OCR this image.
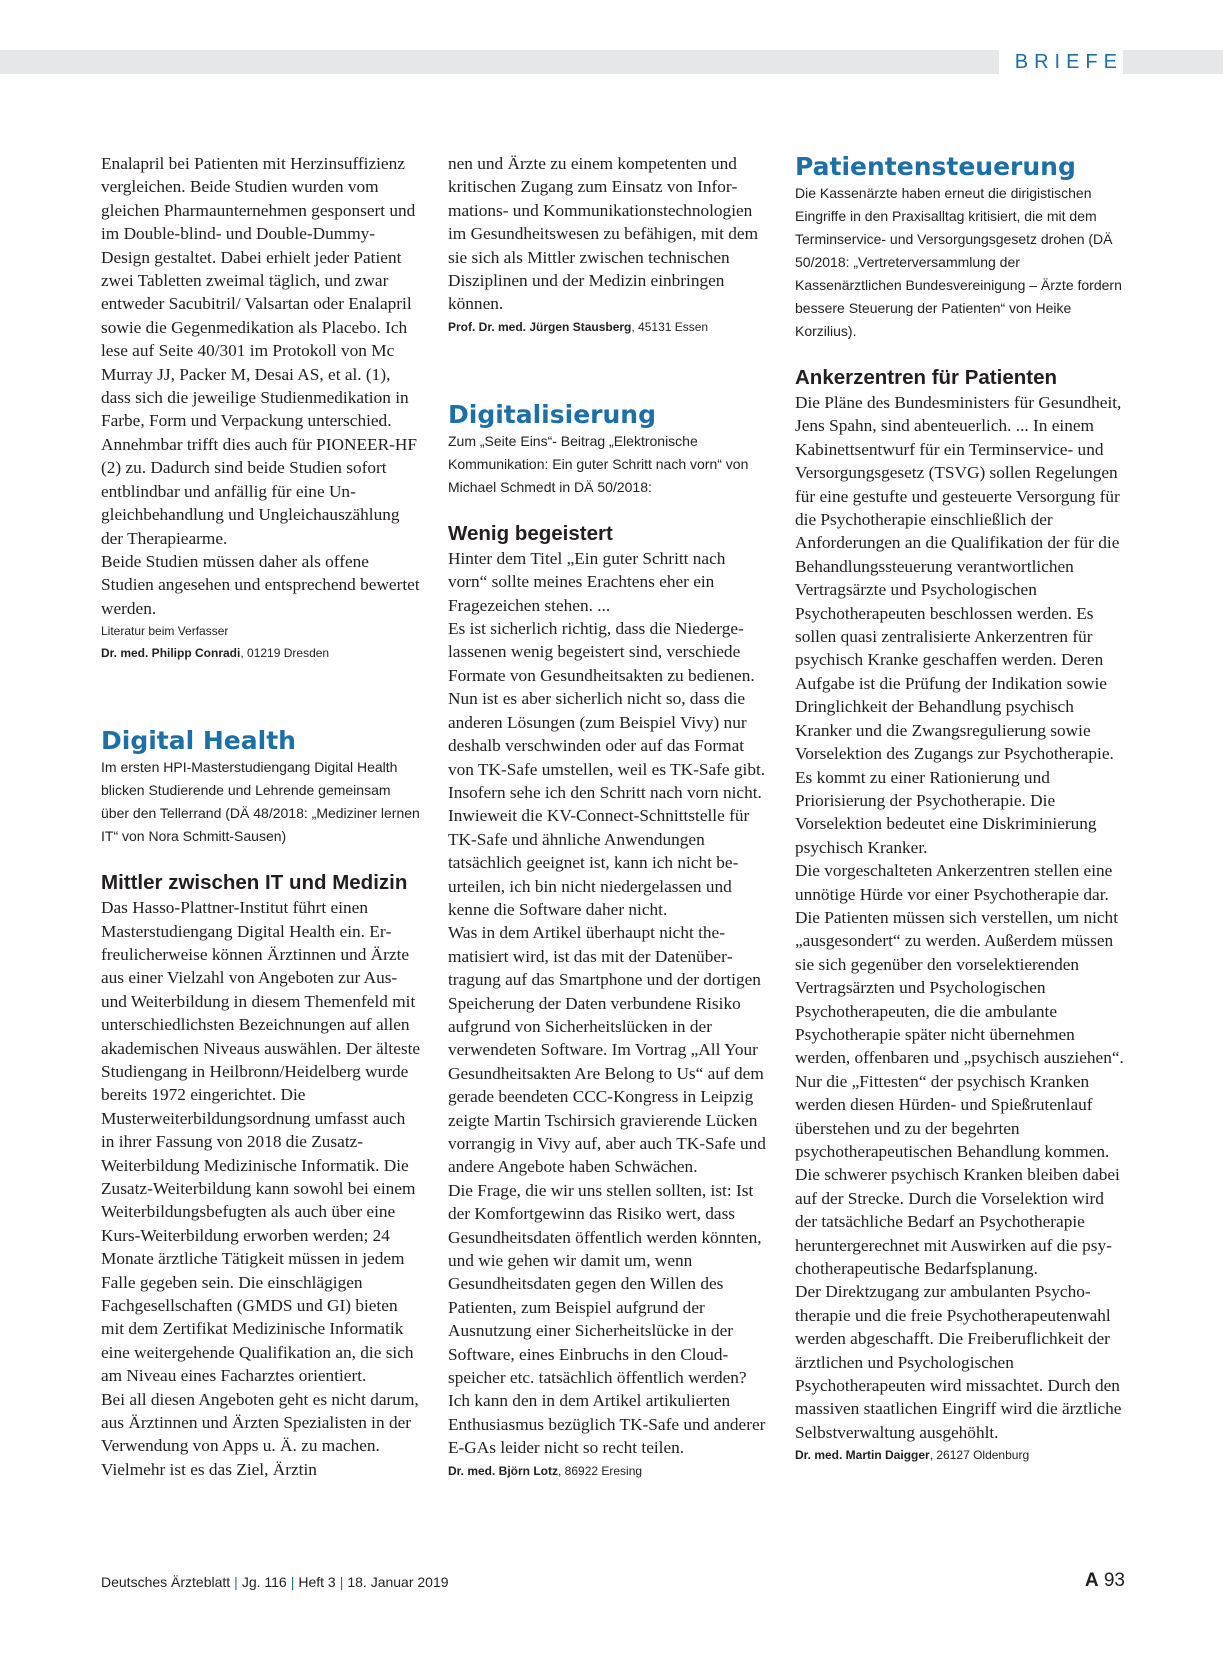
BRIEFE

Enalapril bei Patienten mit Herzinsuffizienz vergleichen. Beide Studien wurden vom gleichen Pharmaunternehmen gesponsert und im Double-blind- und Double-Dummy-Design gestaltet. Dabei erhielt jeder Patient zwei Tabletten zweimal täglich, und zwar entweder Sacubitril/ Valsartan oder Enalapril sowie die Gegenmedikation als Placebo. Ich lese auf Seite 40/301 im Protokoll von Mc Murray JJ, Packer M, Desai AS, et al. (1), dass sich die jeweilige Studienmedikation in Farbe, Form und Verpackung unterschied. Annehmbar trifft dies auch für PIONEER-HF (2) zu. Dadurch sind beide Studien sofort entblindbar und anfällig für eine Ungleichbehandlung und Ungleichauszählung der Therapiearme.

Beide Studien müssen daher als offene Studien angesehen und entsprechend bewertet werden.

Literatur beim Verfasser

Dr. med. Philipp Conradi, 01219 Dresden

Digital Health

Im ersten HPI-Masterstudiengang Digital Health blicken Studierende und Lehrende gemeinsam über den Tellerrand (DÄ 48/2018: „Mediziner lernen IT“ von Nora Schmitt-Sausen)

Mittler zwischen IT und Medizin

Das Hasso-Plattner-Institut führt einen Masterstudiengang Digital Health ein. Erfreulicherweise können Ärztinnen und Ärzte aus einer Vielzahl von Angeboten zur Aus- und Weiterbildung in diesem Themenfeld mit unterschiedlichsten Bezeichnungen auf allen akademischen Niveaus auswählen. Der älteste Studiengang in Heilbronn/Heidelberg wurde bereits 1972 eingerichtet. Die Musterweiterbildungsordnung umfasst auch in ihrer Fassung von 2018 die Zusatz-Weiterbildung Medizinische Informatik. Die Zusatz-Weiterbildung kann sowohl bei einem Weiterbildungsbefugten als auch über eine Kurs-Weiterbildung erworben werden; 24 Monate ärztliche Tätigkeit müssen in jedem Falle gegeben sein. Die einschlägigen Fachgesellschaften (GMDS und GI) bieten mit dem Zertifikat Medizinische Informatik eine weitergehende Qualifikation an, die sich am Niveau eines Facharztes orientiert.

Bei all diesen Angeboten geht es nicht darum, aus Ärztinnen und Ärzten Spezialisten in der Verwendung von Apps u. Ä. zu machen. Vielmehr ist es das Ziel, Ärztin

nen und Ärzte zu einem kompetenten und kritischen Zugang zum Einsatz von Informations- und Kommunikationstechnologien im Gesundheitswesen zu befähigen, mit dem sie sich als Mittler zwischen technischen Disziplinen und der Medizin einbringen können.

Prof. Dr. med. Jürgen Stausberg, 45131 Essen

Digitalisierung

Zum „Seite Eins“- Beitrag „Elektronische Kommunikation: Ein guter Schritt nach vorn“ von Michael Schmedt in DÄ 50/2018:

Wenig begeistert

Hinter dem Titel „Ein guter Schritt nach vorn“ sollte meines Erachtens eher ein Fragezeichen stehen. ...

Es ist sicherlich richtig, dass die Niedergelassenen wenig begeistert sind, verschiede Formate von Gesundheitsakten zu bedienen. Nun ist es aber sicherlich nicht so, dass die anderen Lösungen (zum Beispiel Vivy) nur deshalb verschwinden oder auf das Format von TK-Safe umstellen, weil es TK-Safe gibt. Insofern sehe ich den Schritt nach vorn nicht.

Inwieweit die KV-Connect-Schnittstelle für TK-Safe und ähnliche Anwendungen tatsächlich geeignet ist, kann ich nicht beurteilen, ich bin nicht niedergelassen und kenne die Software daher nicht.

Was in dem Artikel überhaupt nicht thematisiert wird, ist das mit der Datenübertragung auf das Smartphone und der dortigen Speicherung der Daten verbundene Risiko aufgrund von Sicherheitslücken in der verwendeten Software. Im Vortrag „All Your Gesundheitsakten Are Belong to Us“ auf dem gerade beendeten CCC-Kongress in Leipzig zeigte Martin Tschirsich gravierende Lücken vorrangig in Vivy auf, aber auch TK-Safe und andere Angebote haben Schwächen.

Die Frage, die wir uns stellen sollten, ist: Ist der Komfortgewinn das Risiko wert, dass Gesundheitsdaten öffentlich werden könnten, und wie gehen wir damit um, wenn Gesundheitsdaten gegen den Willen des Patienten, zum Beispiel aufgrund der Ausnutzung einer Sicherheitslücke in der Software, eines Einbruchs in den Cloudspeicher etc. tatsächlich öffentlich werden? Ich kann den in dem Artikel artikulierten Enthusiasmus bezüglich TK-Safe und anderer E-GAs leider nicht so recht teilen.

Dr. med. Björn Lotz, 86922 Eresing

Patientensteuerung

Die Kassenärzte haben erneut die dirigistischen Eingriffe in den Praxisalltag kritisiert, die mit dem Terminservice- und Versorgungsgesetz drohen (DÄ 50/2018: „Vertreterversammlung der Kassenärztlichen Bundesvereinigung – Ärzte fordern bessere Steuerung der Patienten“ von Heike Korzilius).

Ankerzentren für Patienten

Die Pläne des Bundesministers für Gesundheit, Jens Spahn, sind abenteuerlich. ... In einem Kabinettsentwurf für ein Terminservice- und Versorgungsgesetz (TSVG) sollen Regelungen für eine gestufte und gesteuerte Versorgung für die Psychotherapie einschließlich der Anforderungen an die Qualifikation der für die Behandlungssteuerung verantwortlichen Vertragsärzte und Psychologischen Psychotherapeuten beschlossen werden. Es sollen quasi zentralisierte Ankerzentren für psychisch Kranke geschaffen werden. Deren Aufgabe ist die Prüfung der Indikation sowie Dringlichkeit der Behandlung psychisch Kranker und die Zwangsregulierung sowie Vorselektion des Zugangs zur Psychotherapie. Es kommt zu einer Rationierung und Priorisierung der Psychotherapie. Die Vorselektion bedeutet eine Diskriminierung psychisch Kranker.

Die vorgeschalteten Ankerzentren stellen eine unnötige Hürde vor einer Psychotherapie dar. Die Patienten müssen sich verstellen, um nicht „ausgesondert“ zu werden. Außerdem müssen sie sich gegenüber den vorselektierenden Vertragsärzten und Psychologischen Psychotherapeuten, die die ambulante Psychotherapie später nicht übernehmen werden, offenbaren und „psychisch ausziehen“. Nur die „Fittesten“ der psychisch Kranken werden diesen Hürden- und Spießrutenlauf überstehen und zu der begehrten psychotherapeutischen Behandlung kommen. Die schwerer psychisch Kranken bleiben dabei auf der Strecke. Durch die Vorselektion wird der tatsächliche Bedarf an Psychotherapie heruntergerechnet mit Auswirken auf die psychotherapeutische Bedarfsplanung.

Der Direktzugang zur ambulanten Psychotherapie und die freie Psychotherapeutenwahl werden abgeschafft. Die Freiberuflichkeit der ärztlichen und Psychologischen Psychotherapeuten wird missachtet. Durch den massiven staatlichen Eingriff wird die ärztliche Selbstverwaltung ausgehöhlt.

Dr. med. Martin Daigger, 26127 Oldenburg

Deutsches Ärzteblatt | Jg. 116 | Heft 3 | 18. Januar 2019	A 93
